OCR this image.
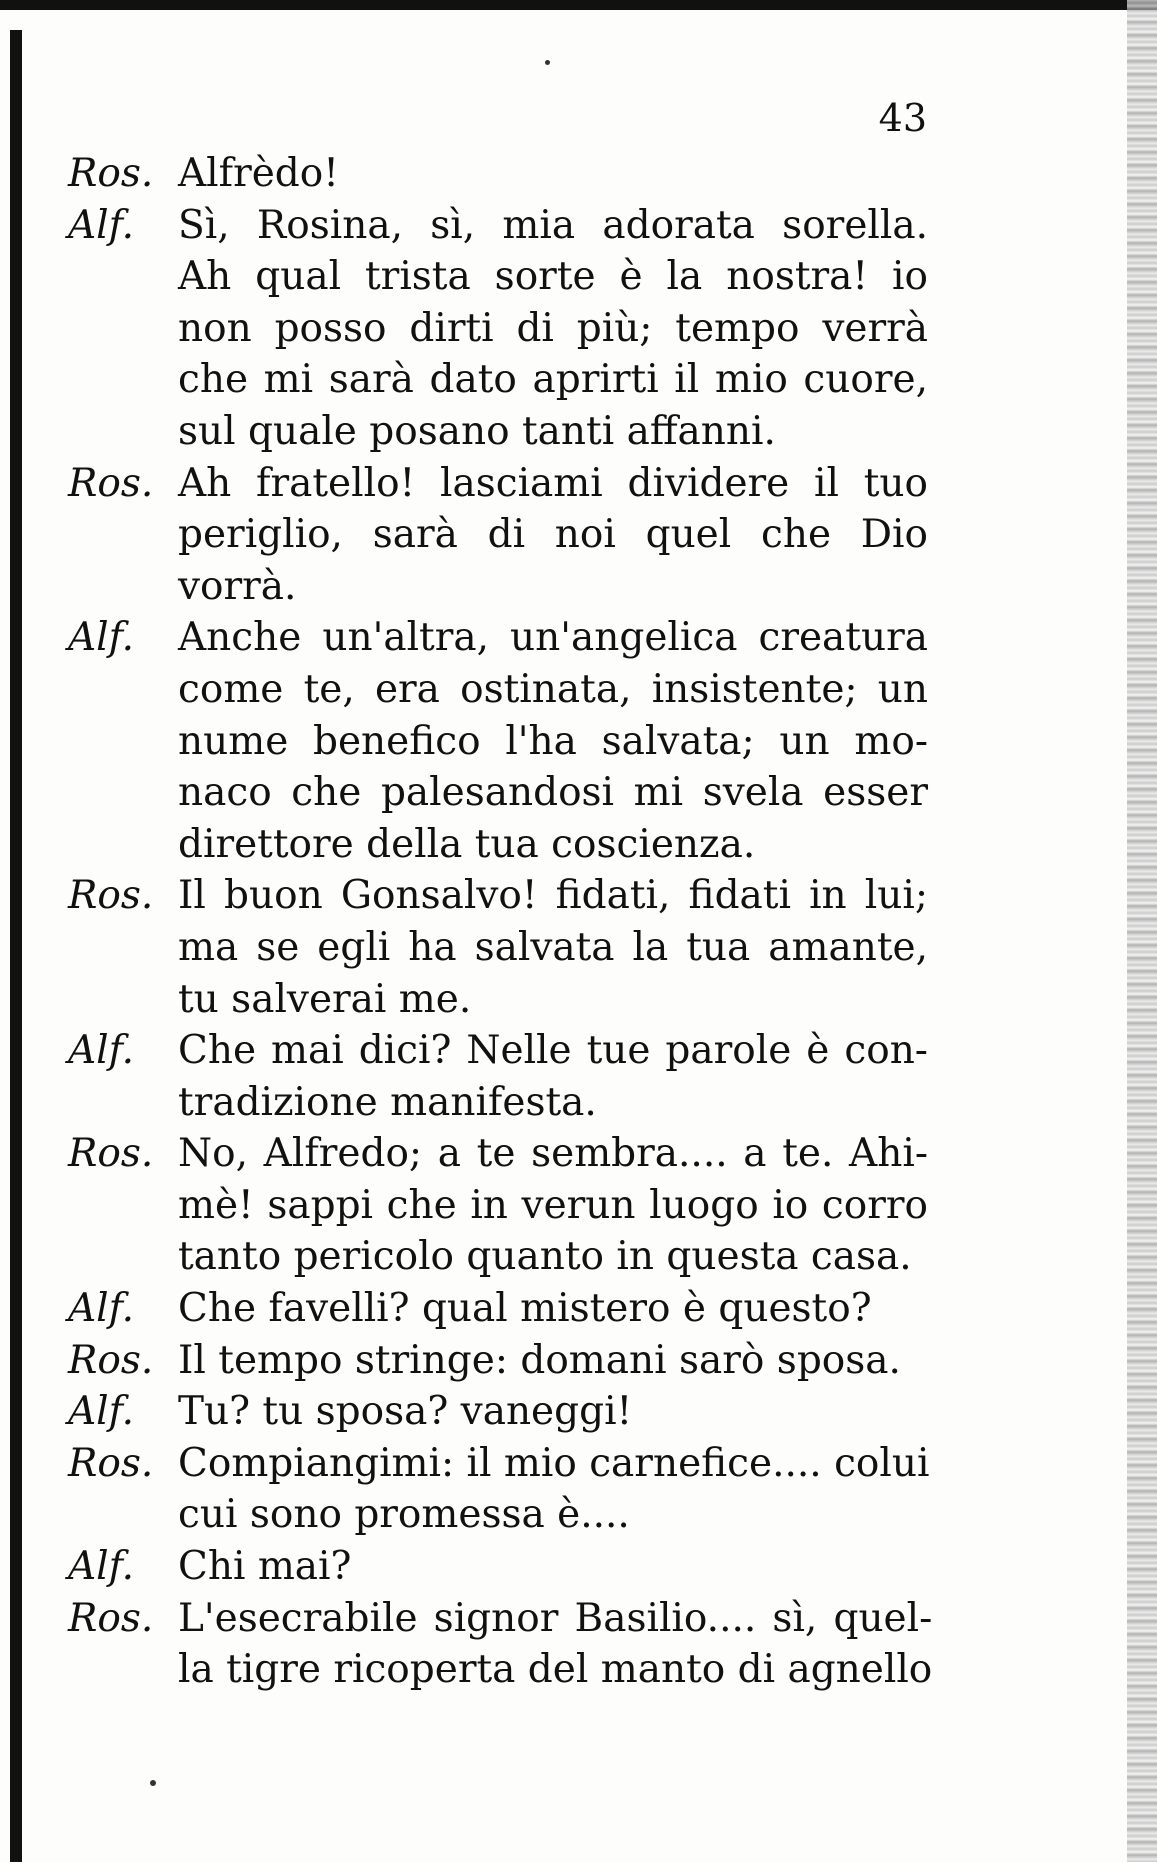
43
Ros. Alfrèdo!
Alf.	Sì, Rosina, sì, mia adorata sorella.
Ah qual trista sorte è la nostra! io
non posso dirti di più; tempo verrà
che mi sarà dato aprirti il mio cuore,
sul quale posano tanti affanni.
Ros. Ah fratello! lasciami dividere il tuo
periglio, sarà di noi quel che Dio
vorrà.
Alf.	Anche un'altra, un'angelica creatura
come te, era ostinata, insistente; un
nume benefico l'ha salvata; un mo-
naco che palesandosi mi svela esser
direttore della tua coscienza.
Ros. Il buon Gonsalvo! fidati, fidati in lui;
ma se egli ha salvata la tua amante,
tu salverai me.
Alf.	Che mai dici? Nelle tue parole è con-
tradizione manifesta.
Ros. No, Alfredo; a te sembra.... a te. Ahi-
mè! sappi che in verun luogo io corro
tanto pericolo quanto in questa casa.
Alf.	Che favelli? qual mistero è questo?
Ros. Il tempo stringe: domani sarò sposa.
Alf.	Tu? tu sposa? vaneggi!
Ros. Compiangimi: il mio carnefice.... colui
cui sono promessa è....
Alf.	Chi mai?
Ros. L'esecrabile signor Basilio.... sì, quel-
la tigre ricoperta del manto di agnello
